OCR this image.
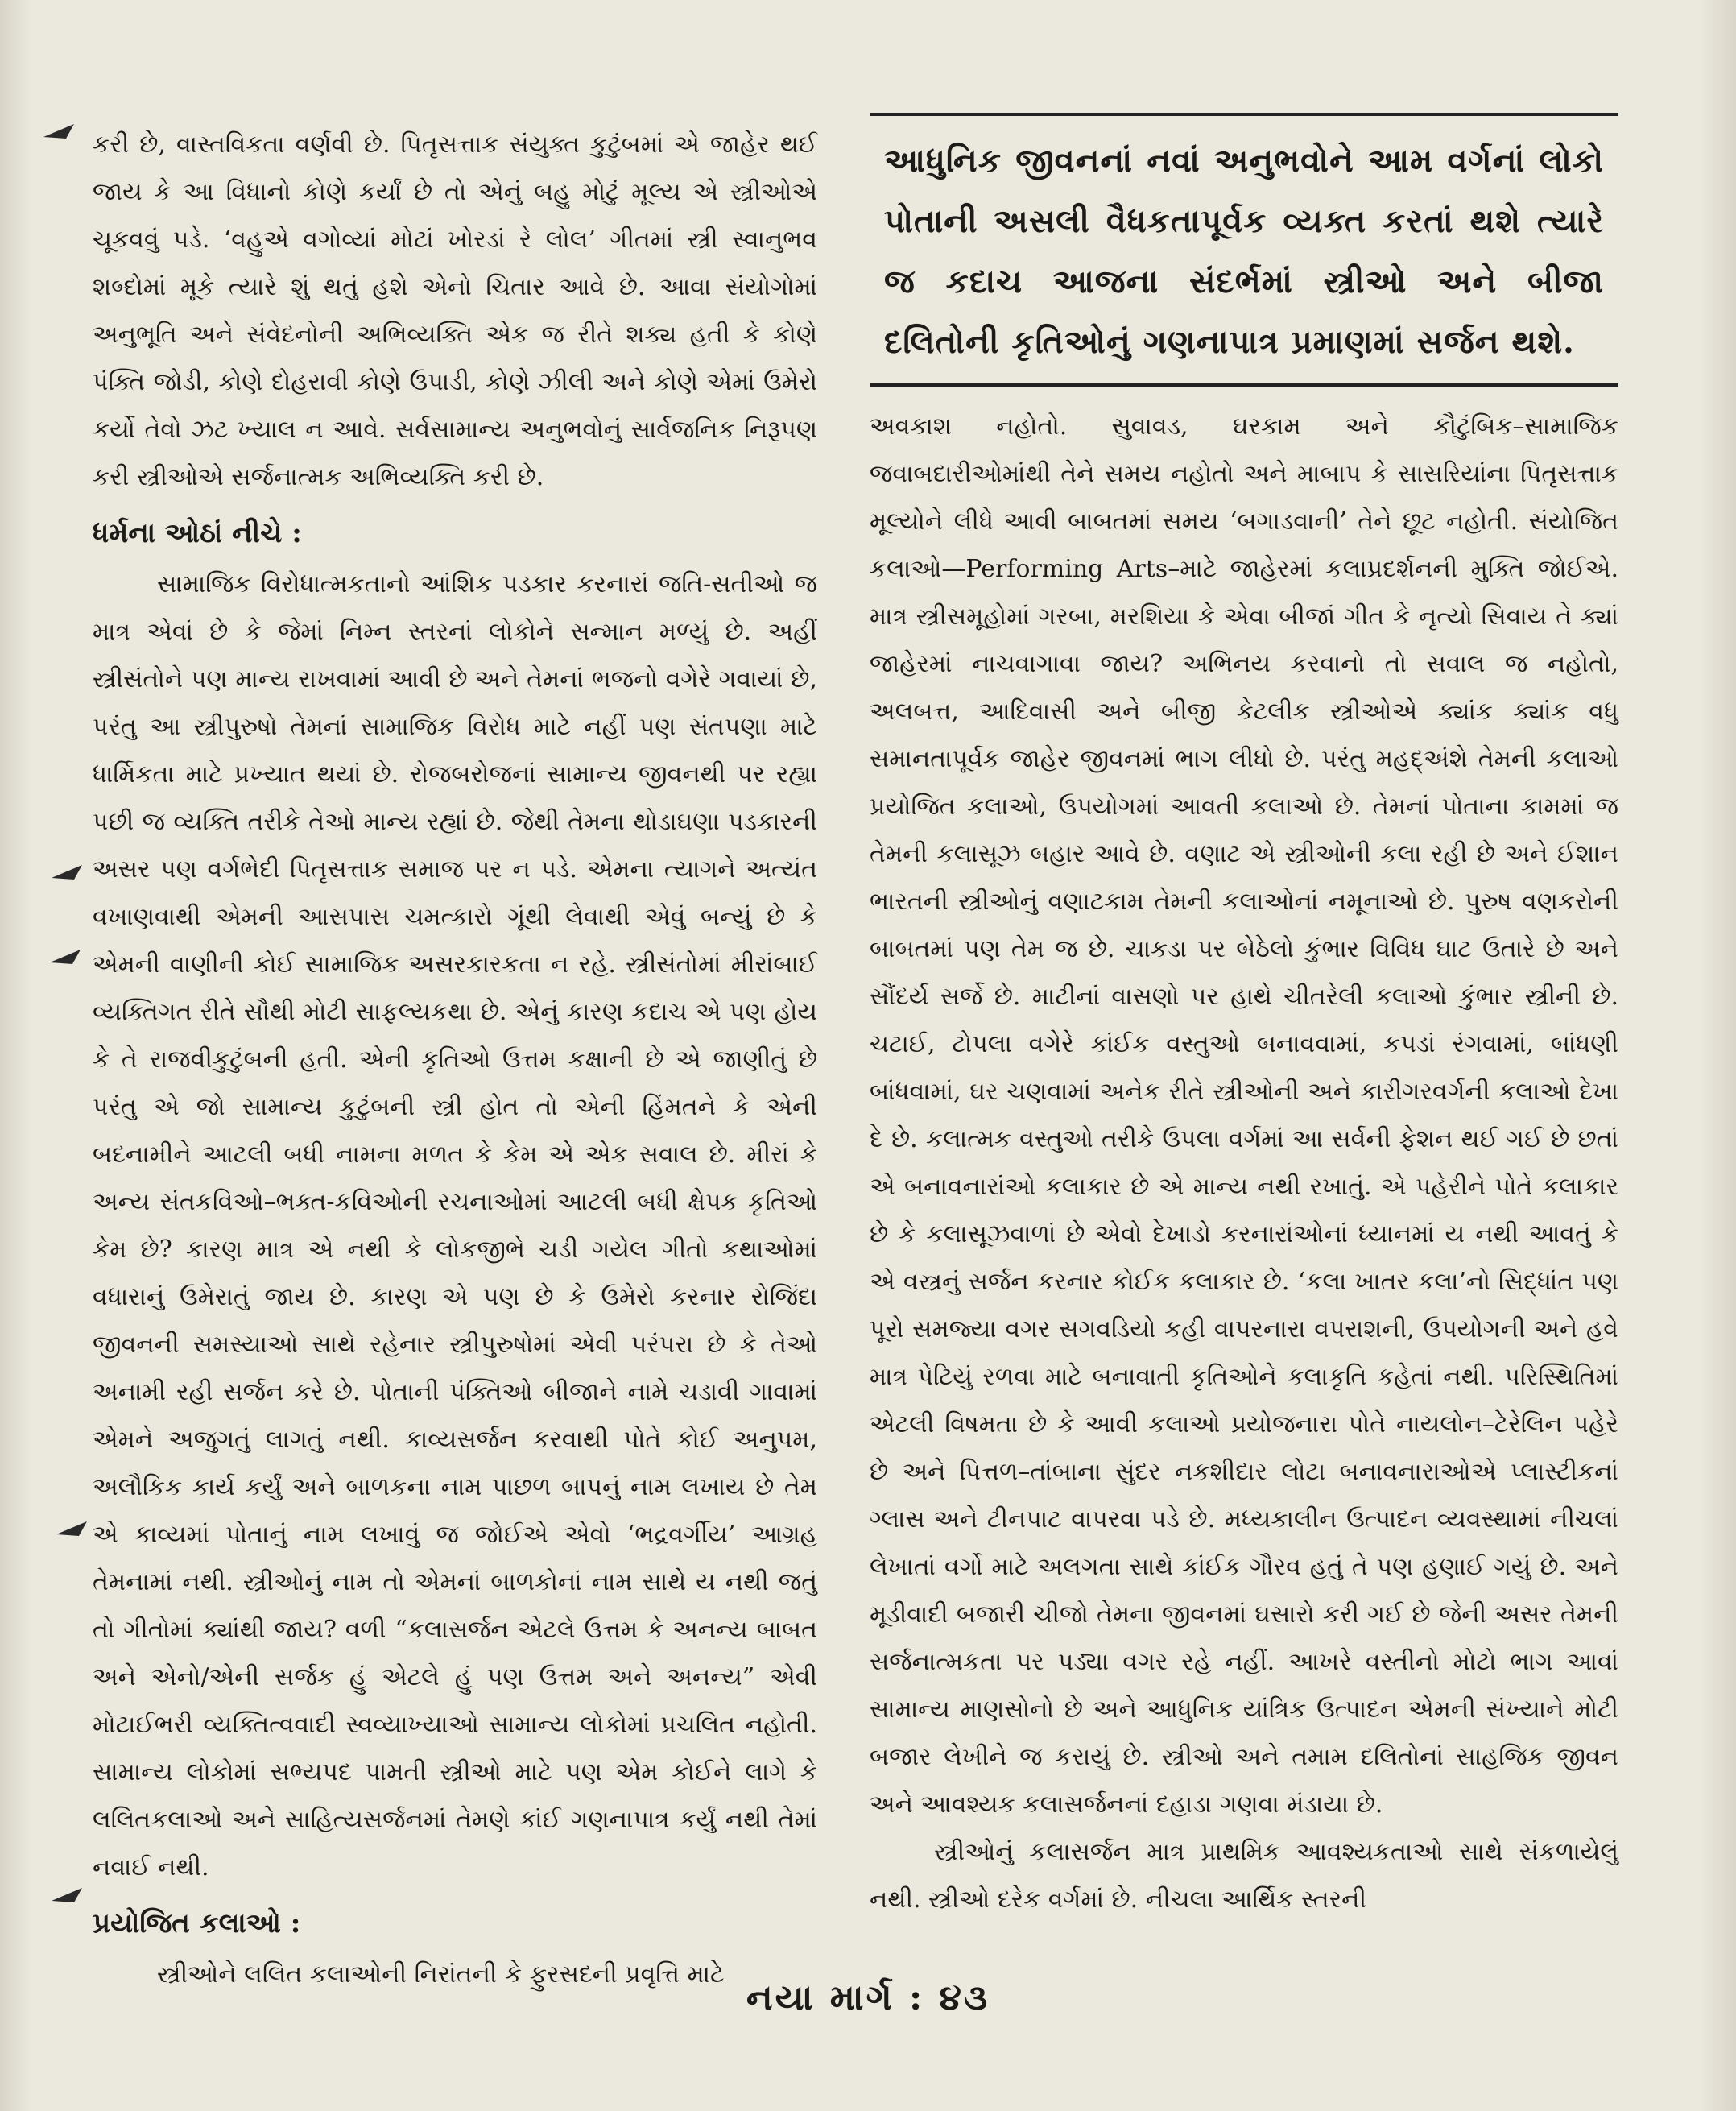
કરી છે, વાસ્તવિકતા વર્ણવી છે. પિતૃસત્તાક સંયુક્ત કુટુંબમાં એ જાહેર થઈ જાય કે આ વિધાનો કોણે કર્યાં છે તો એનું બહુ મોટું મૂલ્ય એ સ્ત્રીઓએ ચૂકવવું પડે. ‘વહુએ વગોવ્યાં મોટાં ખોરડાં રે લોલ’ ગીતમાં સ્ત્રી સ્વાનુભવ શબ્દોમાં મૂકે ત્યારે શું થતું હશે એનો ચિતાર આવે છે. આવા સંયોગોમાં અનુભૂતિ અને સંવેદનોની અભિવ્યક્તિ એક જ રીતે શક્ય હતી કે કોણે પંક્તિ જોડી, કોણે દોહરાવી કોણે ઉપાડી, કોણે ઝીલી અને કોણે એમાં ઉમેરો કર્યો તેવો ઝટ ખ્યાલ ન આવે. સર્વસામાન્ય અનુભવોનું સાર્વજનિક નિરૂપણ કરી સ્ત્રીઓએ સર્જનાત્મક અભિવ્યક્તિ કરી છે.

ધર્મના ઓઠાં નીચે :

સામાજિક વિરોધાત્મકતાનો આંશિક પડકાર કરનારાં જતિ-સતીઓ જ માત્ર એવાં છે કે જેમાં નિમ્ન સ્તરનાં લોકોને સન્માન મળ્યું છે. અહીં સ્ત્રીસંતોને પણ માન્ય રાખવામાં આવી છે અને તેમનાં ભજનો વગેરે ગવાયાં છે, પરંતુ આ સ્ત્રીપુરુષો તેમનાં સામાજિક વિરોધ માટે નહીં પણ સંતપણા માટે ધાર્મિકતા માટે પ્રખ્યાત થયાં છે. રોજબરોજનાં સામાન્ય જીવનથી પર રહ્યા પછી જ વ્યક્તિ તરીકે તેઓ માન્ય રહ્યાં છે. જેથી તેમના થોડાઘણા પડકારની અસર પણ વર્ગભેદી પિતૃસત્તાક સમાજ પર ન પડે. એમના ત્યાગને અત્યંત વખાણવાથી એમની આસપાસ ચમત્કારો ગૂંથી લેવાથી એવું બન્યું છે કે એમની વાણીની કોઈ સામાજિક અસરકારકતા ન રહે. સ્ત્રીસંતોમાં મીરાંબાઈ વ્યક્તિગત રીતે સૌથી મોટી સાફલ્યકથા છે. એનું કારણ કદાચ એ પણ હોય કે તે રાજવીકુટુંબની હતી. એની કૃતિઓ ઉત્તમ કક્ષાની છે એ જાણીતું છે પરંતુ એ જો સામાન્ય કુટુંબની સ્ત્રી હોત તો એની હિંમતને કે એની બદનામીને આટલી બધી નામના મળત કે કેમ એ એક સવાલ છે. મીરાં કે અન્ય સંતકવિઓ–ભક્ત-કવિઓની રચનાઓમાં આટલી બધી ક્ષેપક કૃતિઓ કેમ છે? કારણ માત્ર એ નથી કે લોકજીભે ચડી ગયેલ ગીતો કથાઓમાં વધારાનું ઉમેરાતું જાય છે. કારણ એ પણ છે કે ઉમેરો કરનાર રોજિંદા જીવનની સમસ્યાઓ સાથે રહેનાર સ્ત્રીપુરુષોમાં એવી પરંપરા છે કે તેઓ અનામી રહી સર્જન કરે છે. પોતાની પંક્તિઓ બીજાને નામે ચડાવી ગાવામાં એમને અજુગતું લાગતું નથી. કાવ્યસર્જન કરવાથી પોતે કોઈ અનુપમ, અલૌકિક કાર્ય કર્યું અને બાળકના નામ પાછળ બાપનું નામ લખાય છે તેમ એ કાવ્યમાં પોતાનું નામ લખાવું જ જોઈએ એવો ‘ભદ્રવર્ગીય’ આગ્રહ તેમનામાં નથી. સ્ત્રીઓનું નામ તો એમનાં બાળકોનાં નામ સાથે ય નથી જતું તો ગીતોમાં ક્યાંથી જાય? વળી “કલાસર્જન એટલે ઉત્તમ કે અનન્ય બાબત અને એનો/એની સર્જક હું એટલે હું પણ ઉત્તમ અને અનન્ય” એવી મોટાઈભરી વ્યક્તિત્વવાદી સ્વવ્યાખ્યાઓ સામાન્ય લોકોમાં પ્રચલિત નહોતી. સામાન્ય લોકોમાં સભ્યપદ પામતી સ્ત્રીઓ માટે પણ એમ કોઈને લાગે કે લલિતકલાઓ અને સાહિત્યસર્જનમાં તેમણે કાંઈ ગણનાપાત્ર કર્યું નથી તેમાં નવાઈ નથી.

પ્રયોજિત કલાઓ :

સ્ત્રીઓને લલિત કલાઓની નિરાંતની કે ફુરસદની પ્રવૃત્તિ માટે

આધુનિક જીવનનાં નવાં અનુભવોને આમ વર્ગનાં લોકો પોતાની અસલી વૈધકતાપૂર્વક વ્યક્ત કરતાં થશે ત્યારે જ કદાચ આજના સંદર્ભમાં સ્ત્રીઓ અને બીજા દલિતોની કૃતિઓનું ગણનાપાત્ર પ્રમાણમાં સર્જન થશે.

અવકાશ નહોતો. સુવાવડ, ઘરકામ અને કૌટુંબિક–સામાજિક જવાબદારીઓમાંથી તેને સમય નહોતો અને માબાપ કે સાસરિયાંના પિતૃસત્તાક મૂલ્યોને લીધે આવી બાબતમાં સમય ‘બગાડવાની’ તેને છૂટ નહોતી. સંયોજિત કલાઓ—Performing Arts–માટે જાહેરમાં કલાપ્રદર્શનની મુક્તિ જોઈએ. માત્ર સ્ત્રીસમૂહોમાં ગરબા, મરશિયા કે એવા બીજાં ગીત કે નૃત્યો સિવાય તે ક્યાં જાહેરમાં નાચવાગાવા જાય? અભિનય કરવાનો તો સવાલ જ નહોતો, અલબત્ત, આદિવાસી અને બીજી કેટલીક સ્ત્રીઓએ ક્યાંક ક્યાંક વધુ સમાનતાપૂર્વક જાહેર જીવનમાં ભાગ લીધો છે. પરંતુ મહદ્અંશે તેમની કલાઓ પ્રયોજિત કલાઓ, ઉપયોગમાં આવતી કલાઓ છે. તેમનાં પોતાના કામમાં જ તેમની કલાસૂઝ બહાર આવે છે. વણાટ એ સ્ત્રીઓની કલા રહી છે અને ઈશાન ભારતની સ્ત્રીઓનું વણાટકામ તેમની કલાઓનાં નમૂનાઓ છે. પુરુષ વણકરોની બાબતમાં પણ તેમ જ છે. ચાકડા પર બેઠેલો કુંભાર વિવિધ ઘાટ ઉતારે છે અને સૌંદર્ય સર્જે છે. માટીનાં વાસણો પર હાથે ચીતરેલી કલાઓ કુંભાર સ્ત્રીની છે. ચટાઈ, ટોપલા વગેરે કાંઈક વસ્તુઓ બનાવવામાં, કપડાં રંગવામાં, બાંધણી બાંધવામાં, ઘર ચણવામાં અનેક રીતે સ્ત્રીઓની અને કારીગરવર્ગની કલાઓ દેખા દે છે. કલાત્મક વસ્તુઓ તરીકે ઉપલા વર્ગમાં આ સર્વની ફેશન થઈ ગઈ છે છતાં એ બનાવનારાંઓ કલાકાર છે એ માન્ય નથી રખાતું. એ પહેરીને પોતે કલાકાર છે કે કલાસૂઝવાળાં છે એવો દેખાડો કરનારાંઓનાં ધ્યાનમાં ય નથી આવતું કે એ વસ્ત્રનું સર્જન કરનાર કોઈક કલાકાર છે. ‘કલા ખાતર કલા’નો સિદ્ધાંત પણ પૂરો સમજ્યા વગર સગવડિયો કહી વાપરનારા વપરાશની, ઉપયોગની અને હવે માત્ર પેટિયું રળવા માટે બનાવાતી કૃતિઓને કલાકૃતિ કહેતાં નથી. પરિસ્થિતિમાં એટલી વિષમતા છે કે આવી કલાઓ પ્રયોજનારા પોતે નાયલોન–ટેરેલિન પહેરે છે અને પિત્તળ–તાંબાના સુંદર નકશીદાર લોટા બનાવનારાઓએ પ્લાસ્ટીકનાં ગ્લાસ અને ટીનપાટ વાપરવા પડે છે. મધ્યકાલીન ઉત્પાદન વ્યવસ્થામાં નીચલાં લેખાતાં વર્ગો માટે અલગતા સાથે કાંઈક ગૌરવ હતું તે પણ હણાઈ ગયું છે. અને મૂડીવાદી બજારી ચીજો તેમના જીવનમાં ઘસારો કરી ગઈ છે જેની અસર તેમની સર્જનાત્મકતા પર પડ્યા વગર રહે નહીં. આખરે વસ્તીનો મોટો ભાગ આવાં સામાન્ય માણસોનો છે અને આધુનિક યાંત્રિક ઉત્પાદન એમની સંખ્યાને મોટી બજાર લેખીને જ કરાયું છે. સ્ત્રીઓ અને તમામ દલિતોનાં સાહજિક જીવન અને આવશ્યક કલાસર્જનનાં દહાડા ગણવા મંડાયા છે.

સ્ત્રીઓનું કલાસર્જન માત્ર પ્રાથમિક આવશ્યકતાઓ સાથે સંકળાયેલું નથી. સ્ત્રીઓ દરેક વર્ગમાં છે. નીચલા આર્થિક સ્તરની

નયા માર્ગ : ૪૩
